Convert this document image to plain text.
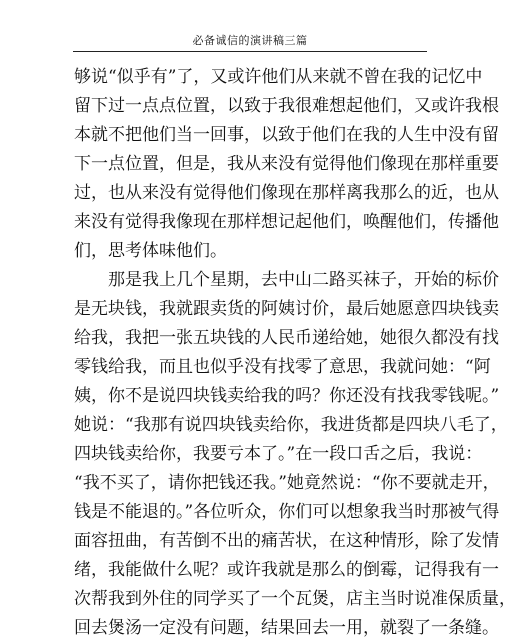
必备诚信的演讲稿三篇
够说“似乎有”了，又或许他们从来就不曾在我的记忆中
留下过一点点位置，以致于我很难想起他们，又或许我根
本就不把他们当一回事，以致于他们在我的人生中没有留
下一点位置，但是，我从来没有觉得他们像现在那样重要
过，也从来没有觉得他们像现在那样离我那么的近，也从
来没有觉得我像现在那样想记起他们，唤醒他们，传播他
们，思考体味他们。
那是我上几个星期，去中山二路买袜子，开始的标价
是无块钱，我就跟卖货的阿姨讨价，最后她愿意四块钱卖
给我，我把一张五块钱的人民币递给她，她很久都没有找
零钱给我，而且也似乎没有找零了意思，我就问她：“阿
姨，你不是说四块钱卖给我的吗？你还没有找我零钱呢。”
她说：“我那有说四块钱卖给你，我进货都是四块八毛了，
四块钱卖给你，我要亏本了。”在一段口舌之后，我说：
“我不买了，请你把钱还我。”她竟然说：“你不要就走开，
钱是不能退的。”各位听众，你们可以想象我当时那被气得
面容扭曲，有苦倒不出的痛苦状，在这种情形，除了发情
绪，我能做什么呢？或许我就是那么的倒霉，记得我有一
次帮我到外住的同学买了一个瓦煲，店主当时说准保质量，
回去煲汤一定没有问题，结果回去一用，就裂了一条缝。
